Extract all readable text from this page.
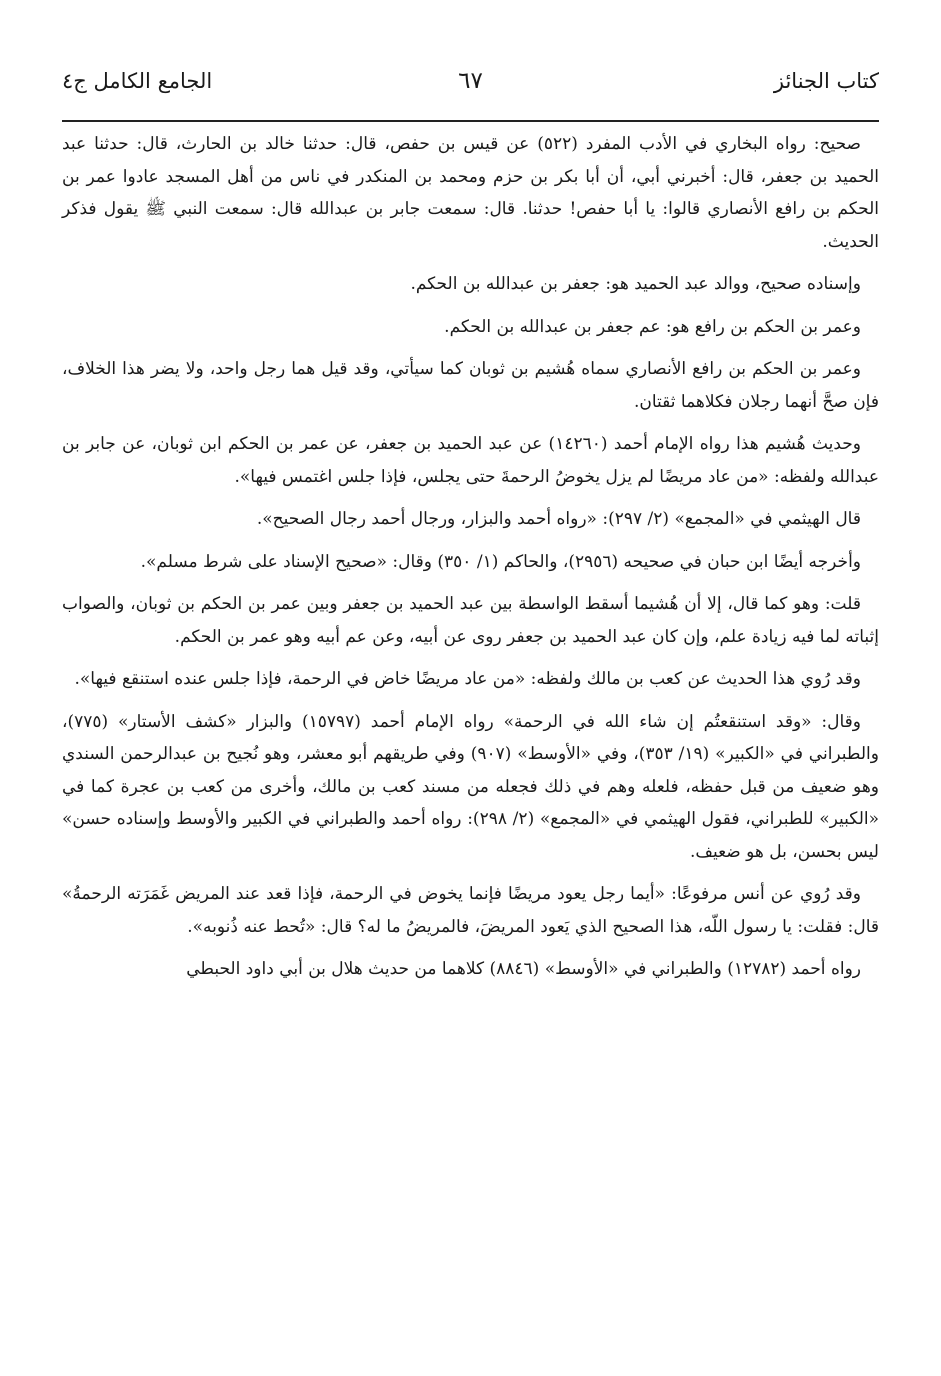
كتاب الجنائز
٦٧
الجامع الكامل ج٤

صحيح: رواه البخاري في الأدب المفرد (٥٢٢) عن قيس بن حفص، قال: حدثنا خالد بن الحارث، قال: حدثنا عبد الحميد بن جعفر، قال: أخبرني أبي، أن أبا بكر بن حزم ومحمد بن المنكدر في ناس من أهل المسجد عادوا عمر بن الحكم بن رافع الأنصاري قالوا: يا أبا حفص! حدثنا. قال: سمعت جابر بن عبدالله قال: سمعت النبي ﷺ يقول فذكر الحديث.

وإسناده صحيح، ووالد عبد الحميد هو: جعفر بن عبدالله بن الحكم.

وعمر بن الحكم بن رافع هو: عم جعفر بن عبدالله بن الحكم.

وعمر بن الحكم بن رافع الأنصاري سماه هُشيم بن ثوبان كما سيأتي، وقد قيل هما رجل واحد، ولا يضر هذا الخلاف، فإن صحَّ أنهما رجلان فكلاهما ثقتان.

وحديث هُشيم هذا رواه الإمام أحمد (١٤٢٦٠) عن عبد الحميد بن جعفر، عن عمر بن الحكم ابن ثوبان، عن جابر بن عبدالله ولفظه: «من عاد مريضًا لم يزل يخوضُ الرحمةَ حتى يجلس، فإذا جلس اغتمس فيها».

قال الهيثمي في «المجمع» (٢/ ٢٩٧): «رواه أحمد والبزار، ورجال أحمد رجال الصحيح».

وأخرجه أيضًا ابن حبان في صحيحه (٢٩٥٦)، والحاكم (١/ ٣٥٠) وقال: «صحيح الإسناد على شرط مسلم».

قلت: وهو كما قال، إلا أن هُشيما أسقط الواسطة بين عبد الحميد بن جعفر وبين عمر بن الحكم بن ثوبان، والصواب إثباته لما فيه زيادة علم، وإن كان عبد الحميد بن جعفر روى عن أبيه، وعن عم أبيه وهو عمر بن الحكم.

وقد رُوي هذا الحديث عن كعب بن مالك ولفظه: «من عاد مريضًا خاض في الرحمة، فإذا جلس عنده استنقع فيها».

وقال: «وقد استنقعتُم إن شاء الله في الرحمة» رواه الإمام أحمد (١٥٧٩٧) والبزار «كشف الأستار» (٧٧٥)، والطبراني في «الكبير» (١٩/ ٣٥٣)، وفي «الأوسط» (٩٠٧) وفي طريقهم أبو معشر، وهو نُجيح بن عبدالرحمن السندي وهو ضعيف من قبل حفظه، فلعله وهم في ذلك فجعله من مسند كعب بن مالك، وأخرى من كعب بن عجرة كما في «الكبير» للطبراني، فقول الهيثمي في «المجمع» (٢/ ٢٩٨): رواه أحمد والطبراني في الكبير والأوسط وإسناده حسن» ليس بحسن، بل هو ضعيف.

وقد رُوي عن أنس مرفوعًا: «أيما رجل يعود مريضًا فإنما يخوض في الرحمة، فإذا قعد عند المريض غَمَرَته الرحمةُ» قال: فقلت: يا رسول اللّه، هذا الصحيح الذي يَعود المريضَ، فالمريضُ ما له؟ قال: «تُحط عنه ذُنوبه».

رواه أحمد (١٢٧٨٢) والطبراني في «الأوسط» (٨٨٤٦) كلاهما من حديث هلال بن أبي داود الحبطي
